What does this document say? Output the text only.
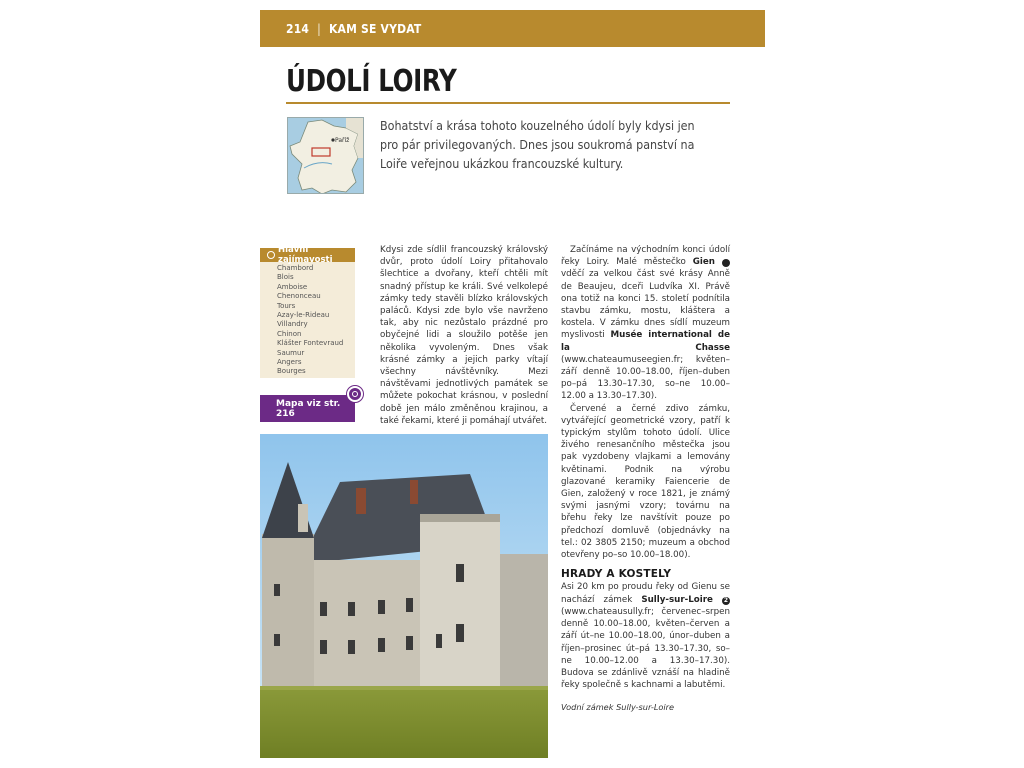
214 | KAM SE VYDAT
ÚDOLÍ LOIRY
Paříž

Bohatství a krása tohoto kouzelného údolí byly kdysi jen pro pár privilegovaných. Dnes jsou soukromá panství na Loiře veřejnou ukázkou francouzské kultury.

Hlavní zajímavosti
Chambord
Blois
Amboise
Chenonceau
Tours
Azay-le-Rideau
Villandry
Chinon
Klášter Fontevraud
Saumur
Angers
Bourges
Mapa viz str. 216
Kdysi zde sídlil francouzský královský dvůr, proto údolí Loiry přitahovalo šlechtice a dvořany, kteří chtěli mít snadný přístup ke králi. Své velkolepé zámky tedy stavěli blízko královských paláců. Kdysi zde bylo vše navrženo tak, aby nic nezůstalo prázdné pro obyčejné lidi a sloužilo potěše jen několika vyvoleným. Dnes však krásné zámky a jejich parky vítají všechny návštěvníky. Mezi návštěvami jednotlivých památek se můžete pokochat krásnou, v poslední době jen málo změněnou krajinou, a také řekami, které ji pomáhají utvářet.

Začínáme na východním konci údolí řeky Loiry. Malé městečko Gien	1 vděčí za velkou část své krásy Anně de Beaujeu, dceři Ludvíka XI. Právě ona totiž na konci 15. století podnítila stavbu zámku, mostu, kláštera a kostela. V zámku dnes sídlí muzeum myslivosti Musée international de la Chasse (www.chateaumuseegien.fr; květen–září denně 10.00–18.00, říjen–duben po–pá 13.30–17.30, so–ne 10.00–12.00 a 13.30–17.30).

Červené a černé zdivo zámku, vytvářející geometrické vzory, patří k typickým stylům tohoto údolí. Ulice živého renesančního městečka jsou pak vyzdobeny vlajkami a lemovány květinami. Podnik na výrobu glazované keramiky Faiencerie de Gien, založený v roce 1821, je známý svými jasnými vzory; továrnu na břehu řeky lze navštívit pouze po předchozí domluvě (objednávky na tel.: 02 3805 2150; muzeum a obchod otevřeny po–so 10.00–18.00).

HRADY A KOSTELY

Asi 20 km po proudu řeky od Gienu se nachází zámek Sully-sur-Loire 2 (www.chateausully.fr; červenec–srpen denně 10.00–18.00, květen–červen a září út–ne 10.00–18.00, únor–duben a říjen–prosinec út–pá 13.30–17.30, so–ne 10.00–12.00 a 13.30–17.30). Budova se zdánlivě vznáší na hladině řeky společně s kachnami a labutěmi.

Vodní zámek Sully-sur-Loire
